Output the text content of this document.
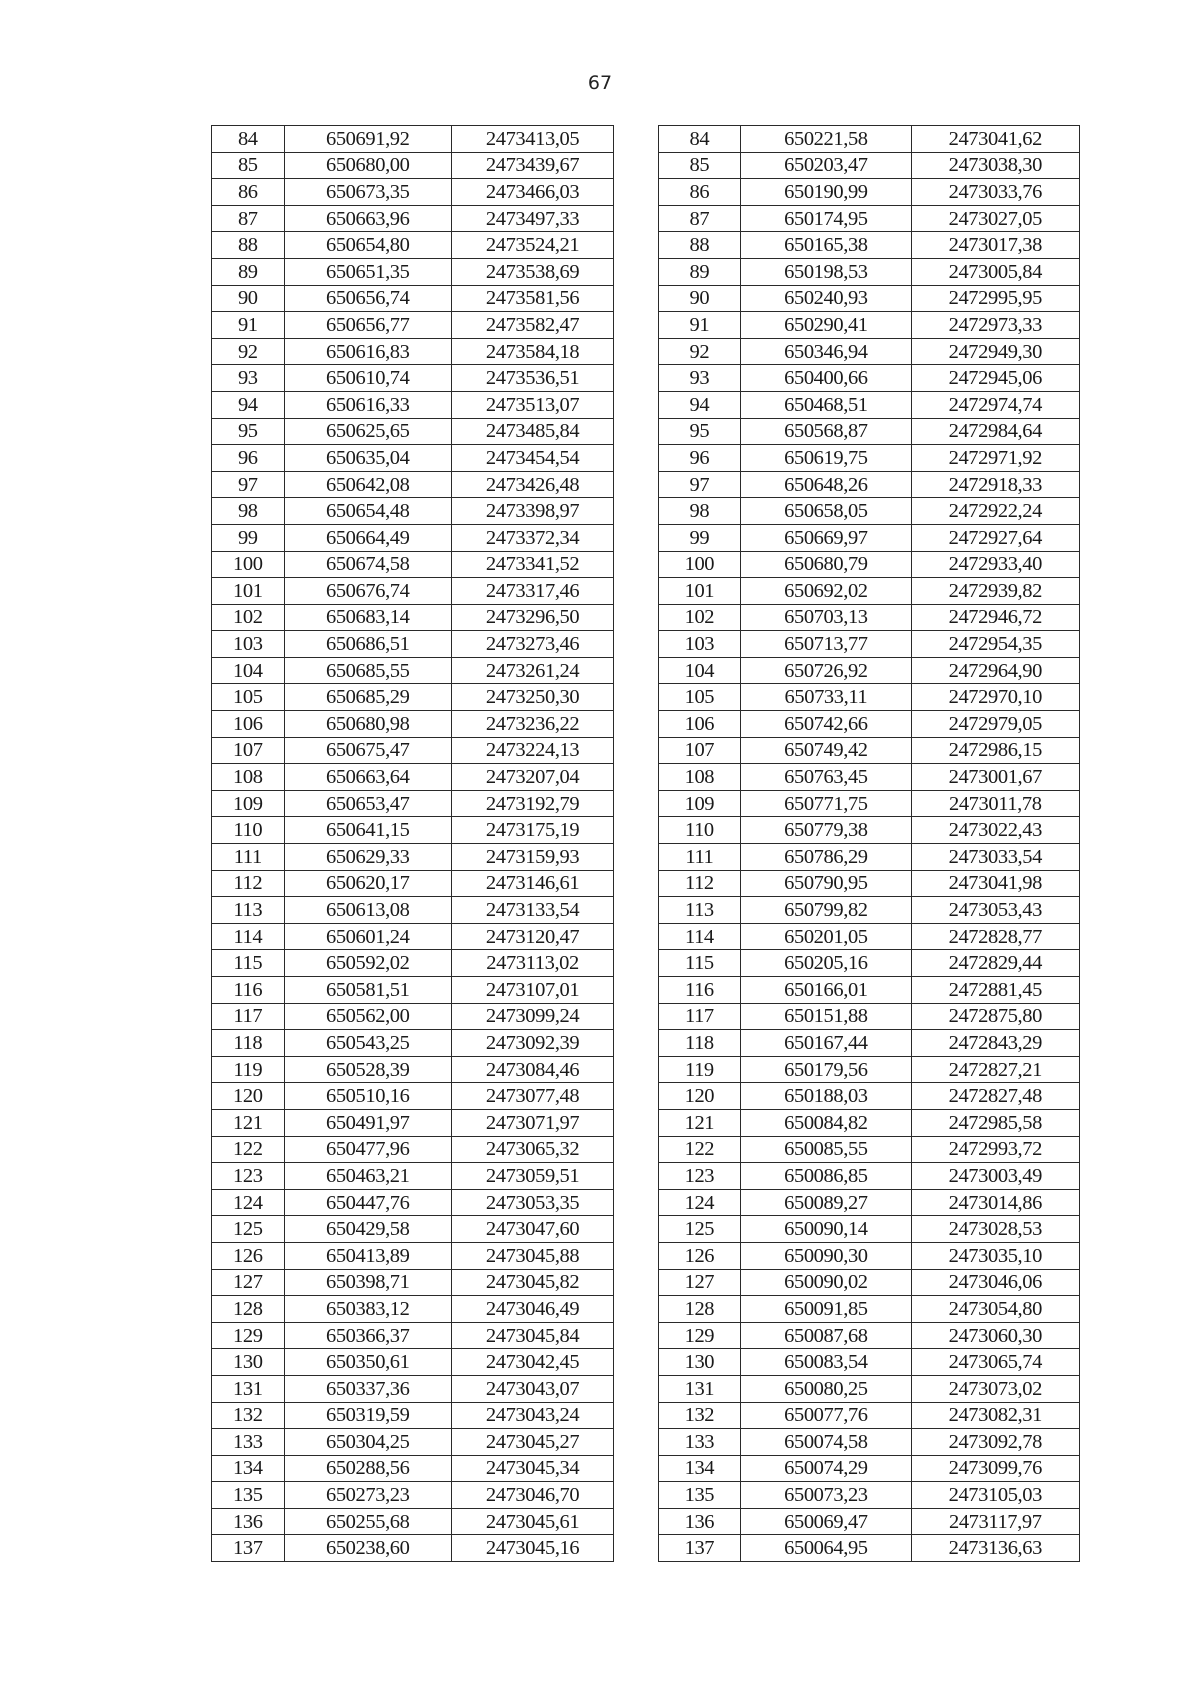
67
84	650691,92	2473413,05		84	650221,58	2473041,62
85	650680,00	2473439,67		85	650203,47	2473038,30
86	650673,35	2473466,03		86	650190,99	2473033,76
87	650663,96	2473497,33		87	650174,95	2473027,05
88	650654,80	2473524,21		88	650165,38	2473017,38
89	650651,35	2473538,69		89	650198,53	2473005,84
90	650656,74	2473581,56		90	650240,93	2472995,95
91	650656,77	2473582,47		91	650290,41	2472973,33
92	650616,83	2473584,18		92	650346,94	2472949,30
93	650610,74	2473536,51		93	650400,66	2472945,06
94	650616,33	2473513,07		94	650468,51	2472974,74
95	650625,65	2473485,84		95	650568,87	2472984,64
96	650635,04	2473454,54		96	650619,75	2472971,92
97	650642,08	2473426,48		97	650648,26	2472918,33
98	650654,48	2473398,97		98	650658,05	2472922,24
99	650664,49	2473372,34		99	650669,97	2472927,64
100	650674,58	2473341,52		100	650680,79	2472933,40
101	650676,74	2473317,46		101	650692,02	2472939,82
102	650683,14	2473296,50		102	650703,13	2472946,72
103	650686,51	2473273,46		103	650713,77	2472954,35
104	650685,55	2473261,24		104	650726,92	2472964,90
105	650685,29	2473250,30		105	650733,11	2472970,10
106	650680,98	2473236,22		106	650742,66	2472979,05
107	650675,47	2473224,13		107	650749,42	2472986,15
108	650663,64	2473207,04		108	650763,45	2473001,67
109	650653,47	2473192,79		109	650771,75	2473011,78
110	650641,15	2473175,19		110	650779,38	2473022,43
111	650629,33	2473159,93		111	650786,29	2473033,54
112	650620,17	2473146,61		112	650790,95	2473041,98
113	650613,08	2473133,54		113	650799,82	2473053,43
114	650601,24	2473120,47		114	650201,05	2472828,77
115	650592,02	2473113,02		115	650205,16	2472829,44
116	650581,51	2473107,01		116	650166,01	2472881,45
117	650562,00	2473099,24		117	650151,88	2472875,80
118	650543,25	2473092,39		118	650167,44	2472843,29
119	650528,39	2473084,46		119	650179,56	2472827,21
120	650510,16	2473077,48		120	650188,03	2472827,48
121	650491,97	2473071,97		121	650084,82	2472985,58
122	650477,96	2473065,32		122	650085,55	2472993,72
123	650463,21	2473059,51		123	650086,85	2473003,49
124	650447,76	2473053,35		124	650089,27	2473014,86
125	650429,58	2473047,60		125	650090,14	2473028,53
126	650413,89	2473045,88		126	650090,30	2473035,10
127	650398,71	2473045,82		127	650090,02	2473046,06
128	650383,12	2473046,49		128	650091,85	2473054,80
129	650366,37	2473045,84		129	650087,68	2473060,30
130	650350,61	2473042,45		130	650083,54	2473065,74
131	650337,36	2473043,07		131	650080,25	2473073,02
132	650319,59	2473043,24		132	650077,76	2473082,31
133	650304,25	2473045,27		133	650074,58	2473092,78
134	650288,56	2473045,34		134	650074,29	2473099,76
135	650273,23	2473046,70		135	650073,23	2473105,03
136	650255,68	2473045,61		136	650069,47	2473117,97
137	650238,60	2473045,16		137	650064,95	2473136,63
